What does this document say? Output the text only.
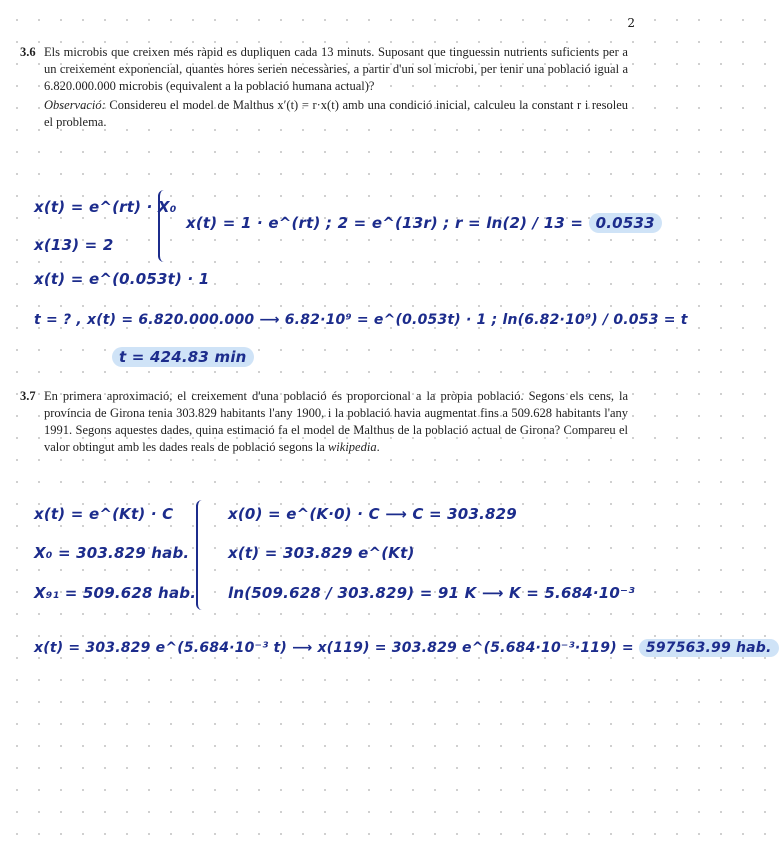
2
3.6 Els microbis que creixen més ràpid es dupliquen cada 13 minuts. Suposant que tinguessin nutrients suficients per a un creixement exponencial, quantes hores serien necessàries, a partir d'un sol microbi, per tenir una població igual a 6.820.000.000 microbis (equivalent a la població humana actual)?
Observació: Considereu el model de Malthus x′(t) = r·x(t) amb una condició inicial, calculeu la constant r i resoleu el problema.
x(t) = e^(rt) · X₀
x(13) = 2
x(t) = e^(0.053t) · 1
x(t) = 1 · e^(rt) ; 2 = e^(13r) ; r = ln(2) / 13 = 0.0533
t = ? , x(t) = 6.820.000.000 ⟶ 6.82·10⁹ = e^(0.053t) · 1 ; ln(6.82·10⁹) / 0.053 = t
t = 424.83 min
3.7 En primera aproximació, el creixement d'una població és proporcional a la pròpia població. Segons els cens, la província de Girona tenia 303.829 habitants l'any 1900, i la població havia augmentat fins a 509.628 habitants l'any 1991. Segons aquestes dades, quina estimació fa el model de Malthus de la població actual de Girona? Compareu el valor obtingut amb les dades reals de població segons la wikipedia.
x(t) = e^(Kt) · C
X₀ = 303.829 hab.
X₉₁ = 509.628 hab.
x(0) = e^(K·0) · C ⟶ C = 303.829
x(t) = 303.829 e^(Kt)
ln(509.628 / 303.829) = 91 K ⟶ K = 5.684·10⁻³
x(t) = 303.829 e^(5.684·10⁻³ t) ⟶ x(119) = 303.829 e^(5.684·10⁻³·119) = 597563.99 hab.
